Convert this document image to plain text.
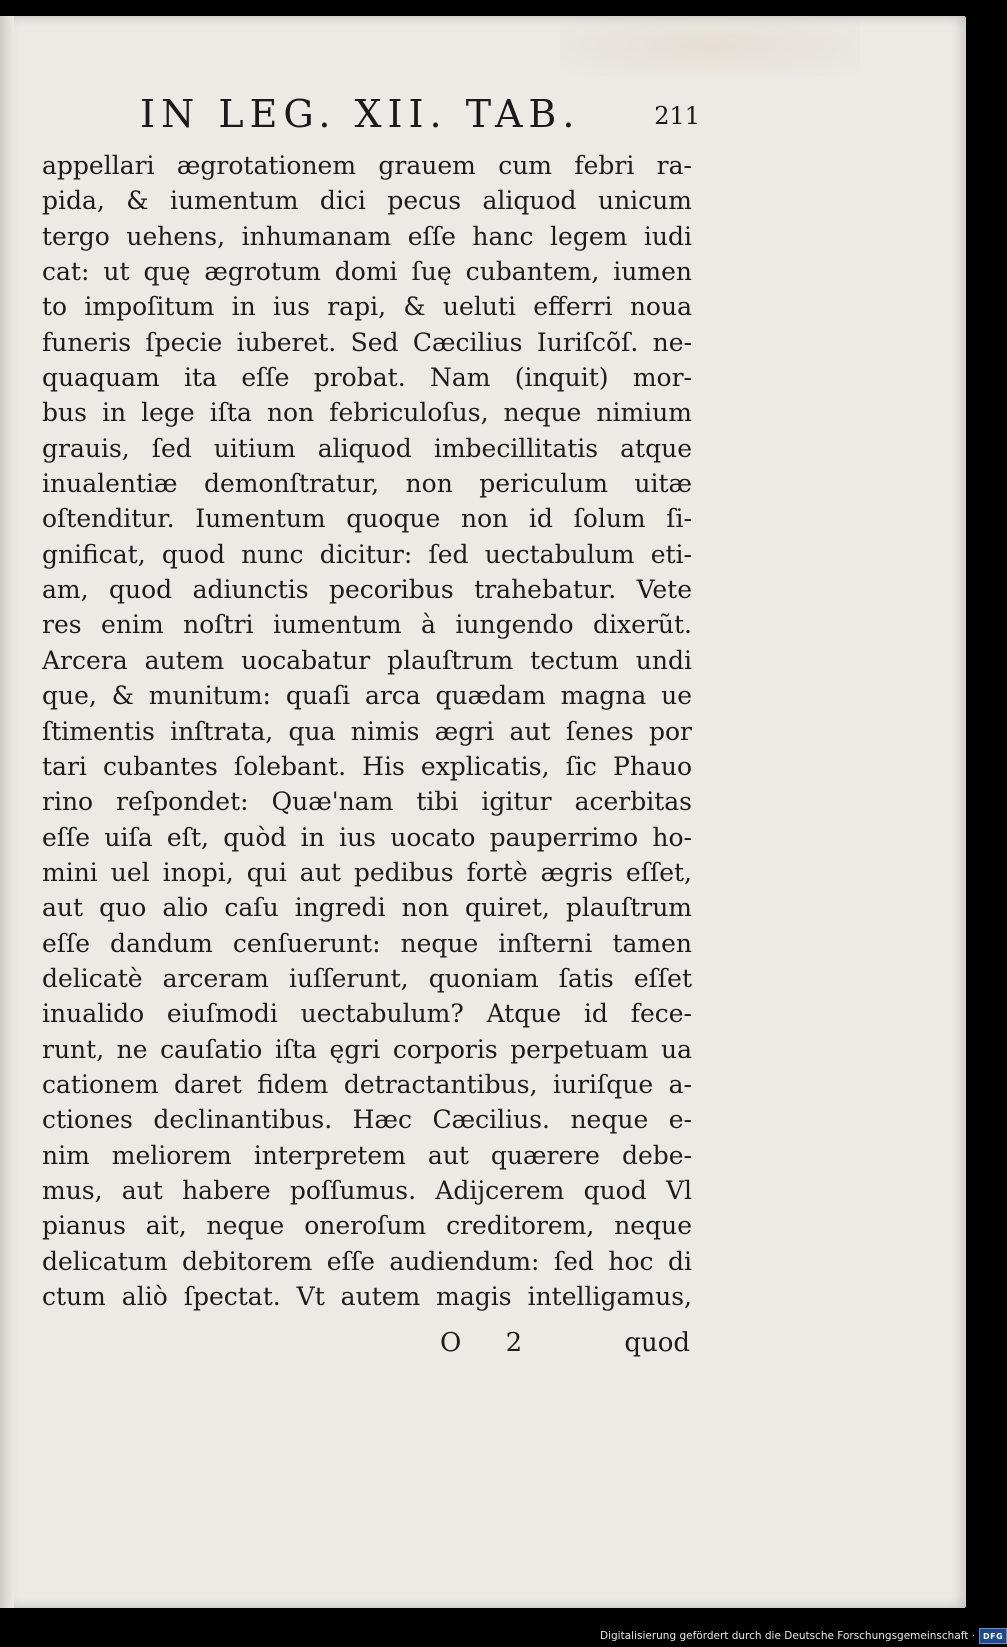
IN LEG. XII. TAB.	211
appellari ægrotationem grauem cum febri ra-
pida, & iumentum dici pecus aliquod unicum
tergo uehens, inhumanam eſſe hanc legem iudi
cat: ut quę ægrotum domi ſuę cubantem, iumen
to impoſitum in ius rapi, & ueluti efferri noua
funeris ſpecie iuberet. Sed Cæcilius Iuriſcõſ. ne-
quaquam ita eſſe probat. Nam (inquit) mor-
bus in lege iſta non febriculoſus, neque nimium
grauis, ſed uitium aliquod imbecillitatis atque
inualentiæ demonſtratur, non periculum uitæ
oſtenditur. Iumentum quoque non id ſolum ſi-
gnificat, quod nunc dicitur: ſed uectabulum eti-
am, quod adiunctis pecoribus trahebatur. Vete
res enim noſtri iumentum à iungendo dixerũt.
Arcera autem uocabatur plauſtrum tectum undi
que, & munitum: quaſi arca quædam magna ue
ſtimentis inſtrata, qua nimis ægri aut ſenes por
tari cubantes ſolebant. His explicatis, ſic Phauo
rino reſpondet: Quæ'nam tibi igitur acerbitas
eſſe uiſa eſt, quòd in ius uocato pauperrimo ho-
mini uel inopi, qui aut pedibus fortè ægris eſſet,
aut quo alio caſu ingredi non quiret, plauſtrum
eſſe dandum cenſuerunt: neque inſterni tamen
delicatè arceram iuſſerunt, quoniam ſatis eſſet
inualido eiuſmodi uectabulum? Atque id fece-
runt, ne cauſatio iſta ęgri corporis perpetuam ua
cationem daret fidem detractantibus, iuriſque a-
ctiones declinantibus. Hæc Cæcilius. neque e-
nim meliorem interpretem aut quærere debe-
mus, aut habere poſſumus. Adijcerem quod Vl
pianus ait, neque oneroſum creditorem, neque
delicatum debitorem eſſe audiendum: ſed hoc di
ctum aliò ſpectat. Vt autem magis intelligamus,
O 2	quod
Digitalisierung gefördert durch die Deutsche Forschungsgemeinschaft · DFG
